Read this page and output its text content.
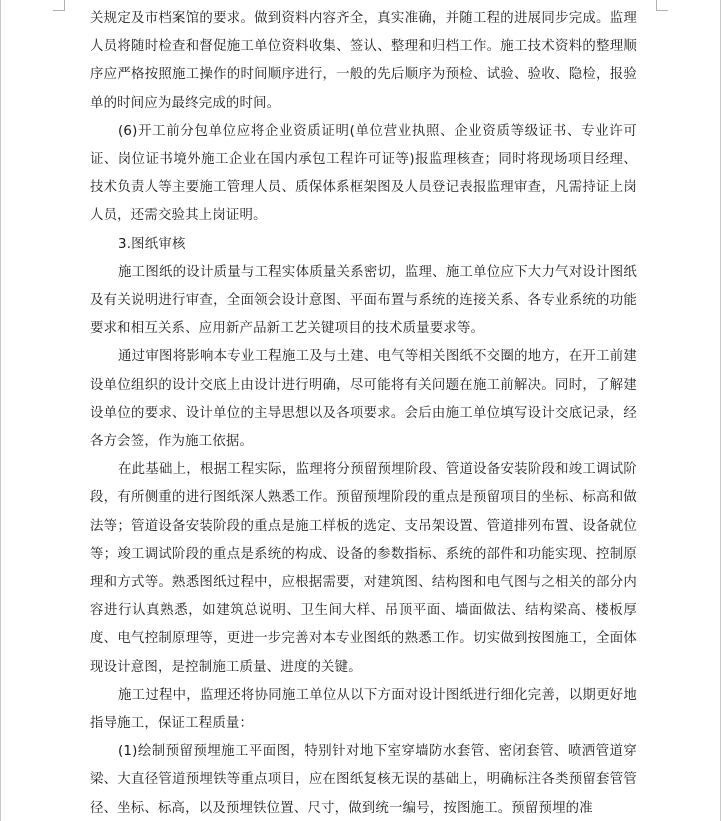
关规定及市档案馆的要求。做到资料内容齐全，真实准确，并随工程的进展同步完成。监理人员将随时检查和督促施工单位资料收集、签认、整理和归档工作。施工技术资料的整理顺序应严格按照施工操作的时间顺序进行，一般的先后顺序为预检、试验、验收、隐检，报验单的时间应为最终完成的时间。

(6)开工前分包单位应将企业资质证明(单位营业执照、企业资质等级证书、专业许可证、岗位证书境外施工企业在国内承包工程许可证等)报监理核查；同时将现场项目经理、技术负责人等主要施工管理人员、质保体系框架图及人员登记表报监理审查，凡需持证上岗人员，还需交验其上岗证明。

3.图纸审核

施工图纸的设计质量与工程实体质量关系密切，监理、施工单位应下大力气对设计图纸及有关说明进行审查，全面领会设计意图、平面布置与系统的连接关系、各专业系统的功能要求和相互关系、应用新产品新工艺关键项目的技术质量要求等。

通过审图将影响本专业工程施工及与土建、电气等相关图纸不交圈的地方，在开工前建设单位组织的设计交底上由设计进行明确，尽可能将有关问题在施工前解决。同时，了解建设单位的要求、设计单位的主导思想以及各项要求。会后由施工单位填写设计交底记录，经各方会签，作为施工依据。

在此基础上，根据工程实际，监理将分预留预埋阶段、管道设备安装阶段和竣工调试阶段，有所侧重的进行图纸深人熟悉工作。预留预埋阶段的重点是预留项目的坐标、标高和做法等；管道设备安装阶段的重点是施工样板的选定、支吊架设置、管道排列布置、设备就位等；竣工调试阶段的重点是系统的构成、设备的参数指标、系统的部件和功能实现、控制原理和方式等。熟悉图纸过程中，应根据需要，对建筑图、结构图和电气图与之相关的部分内容进行认真熟悉，如建筑总说明、卫生间大样、吊顶平面、墙面做法、结构梁高、楼板厚度、电气控制原理等，更进一步完善对本专业图纸的熟悉工作。切实做到按图施工，全面体现设计意图，是控制施工质量、进度的关键。

施工过程中，监理还将协同施工单位从以下方面对设计图纸进行细化完善，以期更好地指导施工，保证工程质量：

(1)绘制预留预埋施工平面图，特别针对地下室穿墙防水套管、密闭套管、喷洒管道穿梁、大直径管道预埋铁等重点项目，应在图纸复核无误的基础上，明确标注各类预留套管管径、坐标、标高，以及预埋铁位置、尺寸，做到统一编号，按图施工。预留预埋的准
